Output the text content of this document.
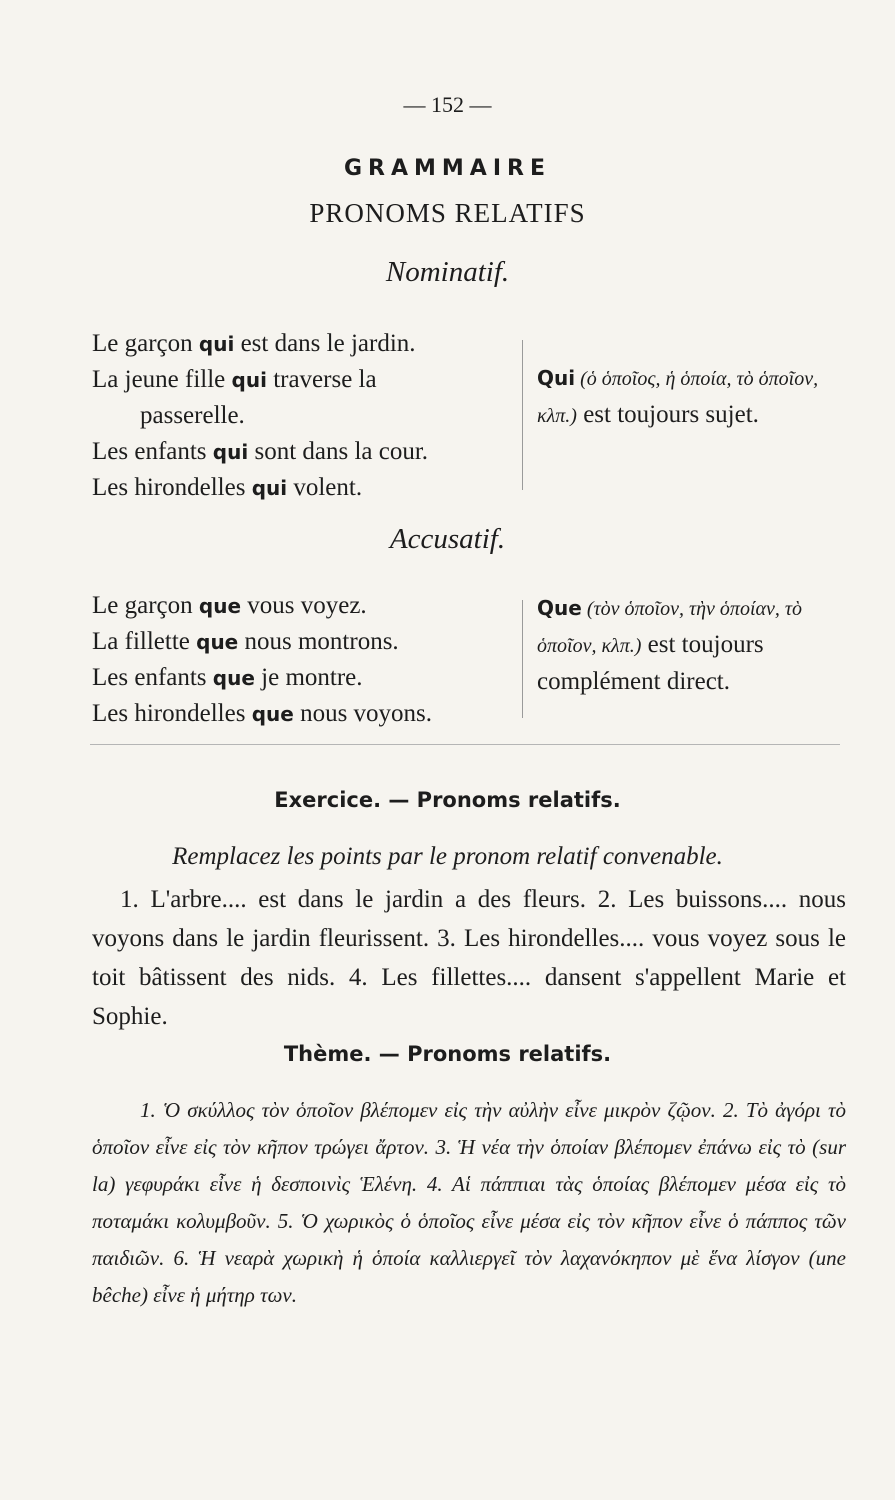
— 152 —
GRAMMAIRE
PRONOMS RELATIFS
Nominatif.
Le garçon qui est dans le jardin.
La jeune fille qui traverse la
passerelle.
Les enfants qui sont dans la cour.
Les hirondelles qui volent.
Qui (ὁ ὁποῖος, ἡ ὁποία, τὸ ὁποῖον, κλπ.) est toujours sujet.
Accusatif.
Le garçon que vous voyez.
La fillette que nous montrons.
Les enfants que je montre.
Les hirondelles que nous voyons.
Que (τὸν ὁποῖον, τὴν ὁποίαν, τὸ ὁποῖον, κλπ.) est toujours complément direct.
Exercice. — Pronoms relatifs.
Remplacez les points par le pronom relatif convenable.

1. L'arbre.... est dans le jardin a des fleurs. 2. Les buissons.... nous voyons dans le jardin fleurissent. 3. Les hirondelles.... vous voyez sous le toit bâtissent des nids. 4. Les fillettes.... dansent s'appellent Marie et Sophie.

Thème. — Pronoms relatifs.

1. Ὁ σκύλλος τὸν ὁποῖον βλέπομεν εἰς τὴν αὐλὴν εἶνε μικρὸν ζῷον. 2. Τὸ ἀγόρι τὸ ὁποῖον εἶνε εἰς τὸν κῆπον τρώγει ἄρτον. 3. Ἡ νέα τὴν ὁποίαν βλέπομεν ἐπάνω εἰς τὸ (sur la) γεφυράκι εἶνε ἡ δεσποινὶς Ἑλένη. 4. Αἱ πάππιαι τὰς ὁποίας βλέπομεν μέσα εἰς τὸ ποταμάκι κολυμβοῦν. 5. Ὁ χωρικὸς ὁ ὁποῖος εἶνε μέσα εἰς τὸν κῆπον εἶνε ὁ πάππος τῶν παιδιῶν. 6. Ἡ νεαρὰ χωρικὴ ἡ ὁποία καλλιεργεῖ τὸν λαχανόκηπον μὲ ἕνα λίσγον (une bêche) εἶνε ἡ μήτηρ των.
